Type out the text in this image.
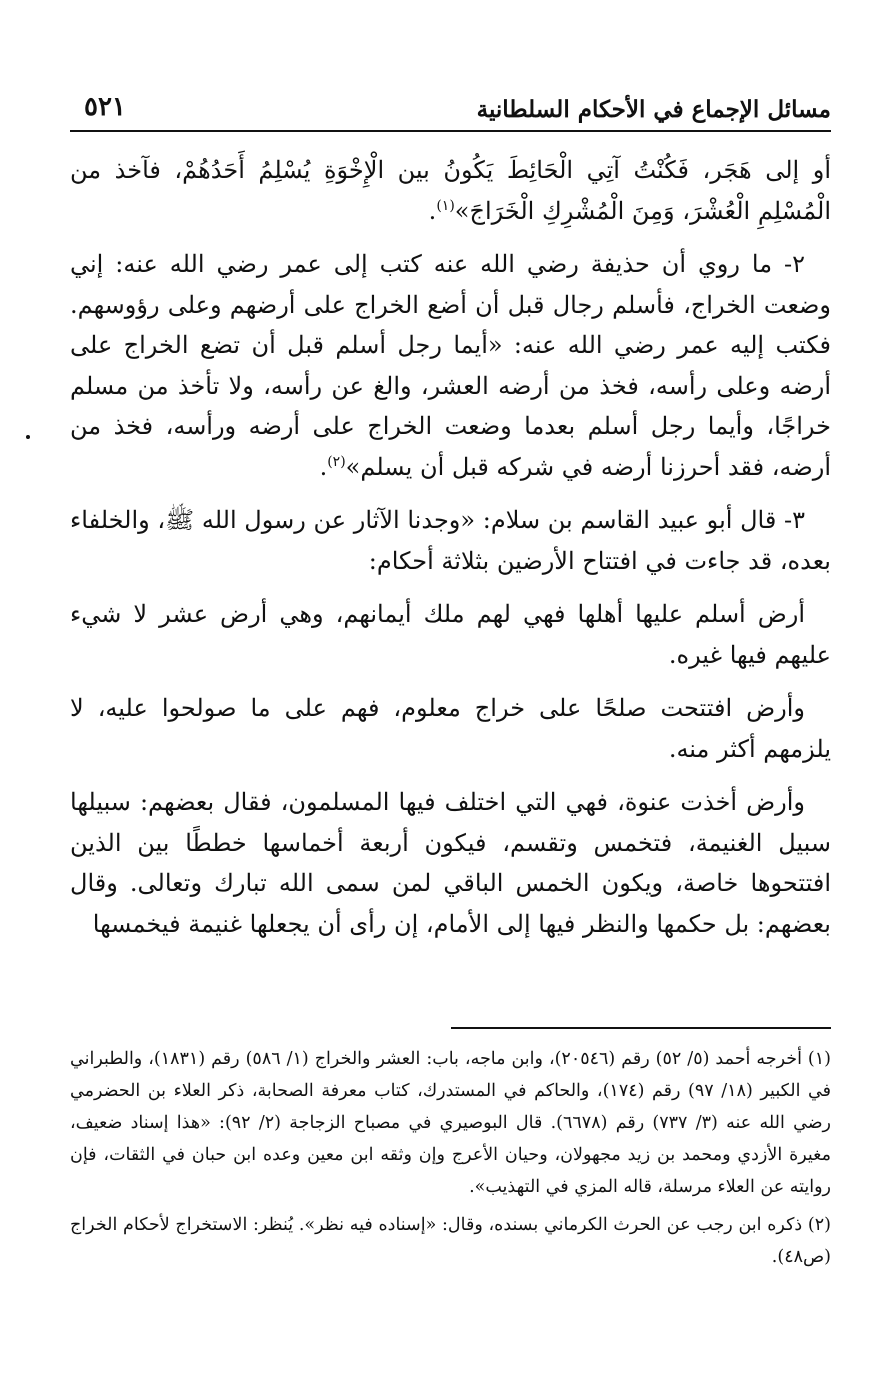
مسائل الإجماع في الأحكام السلطانية
٥٢١

أو إلى هَجَر، فَكُنْتُ آتِي الْحَائِطَ يَكُونُ بين الْإِخْوَةِ يُسْلِمُ أَحَدُهُمْ، فآخذ من الْمُسْلِمِ الْعُشْرَ، وَمِنَ الْمُشْرِكِ الْخَرَاجَ»$^{(١)}$.

٢- ما روي أن حذيفة رضي الله عنه كتب إلى عمر رضي الله عنه: إني وضعت الخراج، فأسلم رجال قبل أن أضع الخراج على أرضهم وعلى رؤوسهم. فكتب إليه عمر رضي الله عنه: «أيما رجل أسلم قبل أن تضع الخراج على أرضه وعلى رأسه، فخذ من أرضه العشر، والغ عن رأسه، ولا تأخذ من مسلم خراجًا، وأيما رجل أسلم بعدما وضعت الخراج على أرضه ورأسه، فخذ من أرضه، فقد أحرزنا أرضه في شركه قبل أن يسلم»$^{(٢)}$.

٣- قال أبو عبيد القاسم بن سلام: «وجدنا الآثار عن رسول الله ﷺ، والخلفاء بعده، قد جاءت في افتتاح الأرضين بثلاثة أحكام:

أرض أسلم عليها أهلها فهي لهم ملك أيمانهم، وهي أرض عشر لا شيء عليهم فيها غيره.

وأرض افتتحت صلحًا على خراج معلوم، فهم على ما صولحوا عليه، لا يلزمهم أكثر منه.

وأرض أخذت عنوة، فهي التي اختلف فيها المسلمون، فقال بعضهم: سبيلها سبيل الغنيمة، فتخمس وتقسم، فيكون أربعة أخماسها خططًا بين الذين افتتحوها خاصة، ويكون الخمس الباقي لمن سمى الله تبارك وتعالى. وقال بعضهم: بل حكمها والنظر فيها إلى الأمام، إن رأى أن يجعلها غنيمة فيخمسها

(١) أخرجه أحمد (٥/ ٥٢) رقم (٢٠٥٤٦)، وابن ماجه، باب: العشر والخراج (١/ ٥٨٦) رقم (١٨٣١)، والطبراني في الكبير (١٨/ ٩٧) رقم (١٧٤)، والحاكم في المستدرك، كتاب معرفة الصحابة، ذكر العلاء بن الحضرمي رضي الله عنه (٣/ ٧٣٧) رقم (٦٦٧٨). قال البوصيري في مصباح الزجاجة (٢/ ٩٢): «هذا إسناد ضعيف، مغيرة الأزدي ومحمد بن زيد مجهولان، وحيان الأعرج وإن وثقه ابن معين وعده ابن حبان في الثقات، فإن روايته عن العلاء مرسلة، قاله المزي في التهذيب».

(٢) ذكره ابن رجب عن الحرث الكرماني بسنده، وقال: «إسناده فيه نظر». يُنظر: الاستخراج لأحكام الخراج (ص٤٨).
